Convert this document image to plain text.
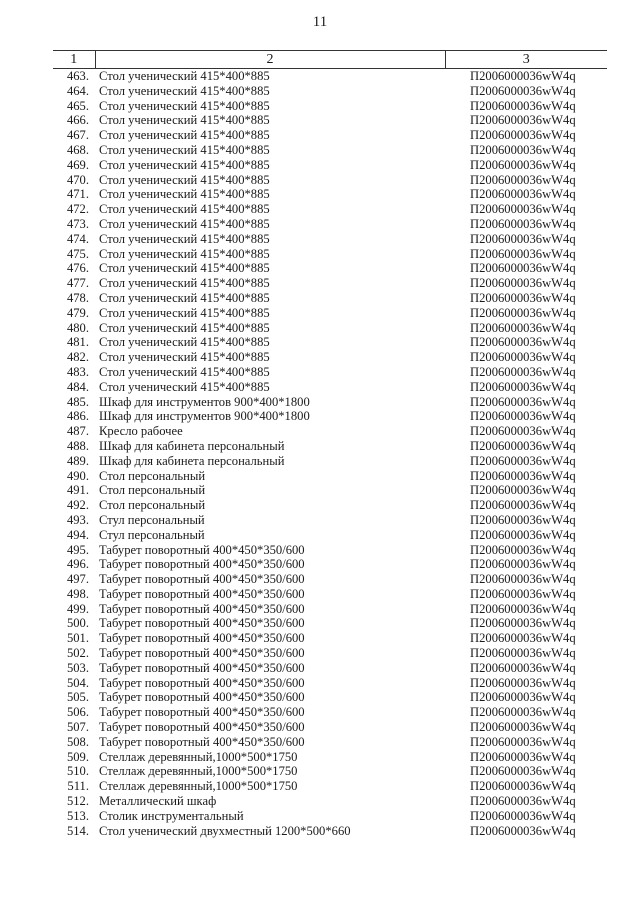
11
1	2	3
463.	Стол ученический 415*400*885	П2006000036wW4q
464.	Стол ученический 415*400*885	П2006000036wW4q
465.	Стол ученический 415*400*885	П2006000036wW4q
466.	Стол ученический 415*400*885	П2006000036wW4q
467.	Стол ученический 415*400*885	П2006000036wW4q
468.	Стол ученический 415*400*885	П2006000036wW4q
469.	Стол ученический 415*400*885	П2006000036wW4q
470.	Стол ученический 415*400*885	П2006000036wW4q
471.	Стол ученический 415*400*885	П2006000036wW4q
472.	Стол ученический 415*400*885	П2006000036wW4q
473.	Стол ученический 415*400*885	П2006000036wW4q
474.	Стол ученический 415*400*885	П2006000036wW4q
475.	Стол ученический 415*400*885	П2006000036wW4q
476.	Стол ученический 415*400*885	П2006000036wW4q
477.	Стол ученический 415*400*885	П2006000036wW4q
478.	Стол ученический 415*400*885	П2006000036wW4q
479.	Стол ученический 415*400*885	П2006000036wW4q
480.	Стол ученический 415*400*885	П2006000036wW4q
481.	Стол ученический 415*400*885	П2006000036wW4q
482.	Стол ученический 415*400*885	П2006000036wW4q
483.	Стол ученический 415*400*885	П2006000036wW4q
484.	Стол ученический 415*400*885	П2006000036wW4q
485.	Шкаф для инструментов 900*400*1800	П2006000036wW4q
486.	Шкаф для инструментов 900*400*1800	П2006000036wW4q
487.	Кресло рабочее	П2006000036wW4q
488.	Шкаф для кабинета персональный	П2006000036wW4q
489.	Шкаф для кабинета персональный	П2006000036wW4q
490.	Стол персональный	П2006000036wW4q
491.	Стол персональный	П2006000036wW4q
492.	Стол персональный	П2006000036wW4q
493.	Стул персональный	П2006000036wW4q
494.	Стул персональный	П2006000036wW4q
495.	Табурет поворотный 400*450*350/600	П2006000036wW4q
496.	Табурет поворотный 400*450*350/600	П2006000036wW4q
497.	Табурет поворотный 400*450*350/600	П2006000036wW4q
498.	Табурет поворотный 400*450*350/600	П2006000036wW4q
499.	Табурет поворотный 400*450*350/600	П2006000036wW4q
500.	Табурет поворотный 400*450*350/600	П2006000036wW4q
501.	Табурет поворотный 400*450*350/600	П2006000036wW4q
502.	Табурет поворотный 400*450*350/600	П2006000036wW4q
503.	Табурет поворотный 400*450*350/600	П2006000036wW4q
504.	Табурет поворотный 400*450*350/600	П2006000036wW4q
505.	Табурет поворотный 400*450*350/600	П2006000036wW4q
506.	Табурет поворотный 400*450*350/600	П2006000036wW4q
507.	Табурет поворотный 400*450*350/600	П2006000036wW4q
508.	Табурет поворотный 400*450*350/600	П2006000036wW4q
509.	Стеллаж деревянный,1000*500*1750	П2006000036wW4q
510.	Стеллаж деревянный,1000*500*1750	П2006000036wW4q
511.	Стеллаж деревянный,1000*500*1750	П2006000036wW4q
512.	Металлический шкаф	П2006000036wW4q
513.	Столик инструментальный	П2006000036wW4q
514.	Стол ученический двухместный 1200*500*660	П2006000036wW4q
